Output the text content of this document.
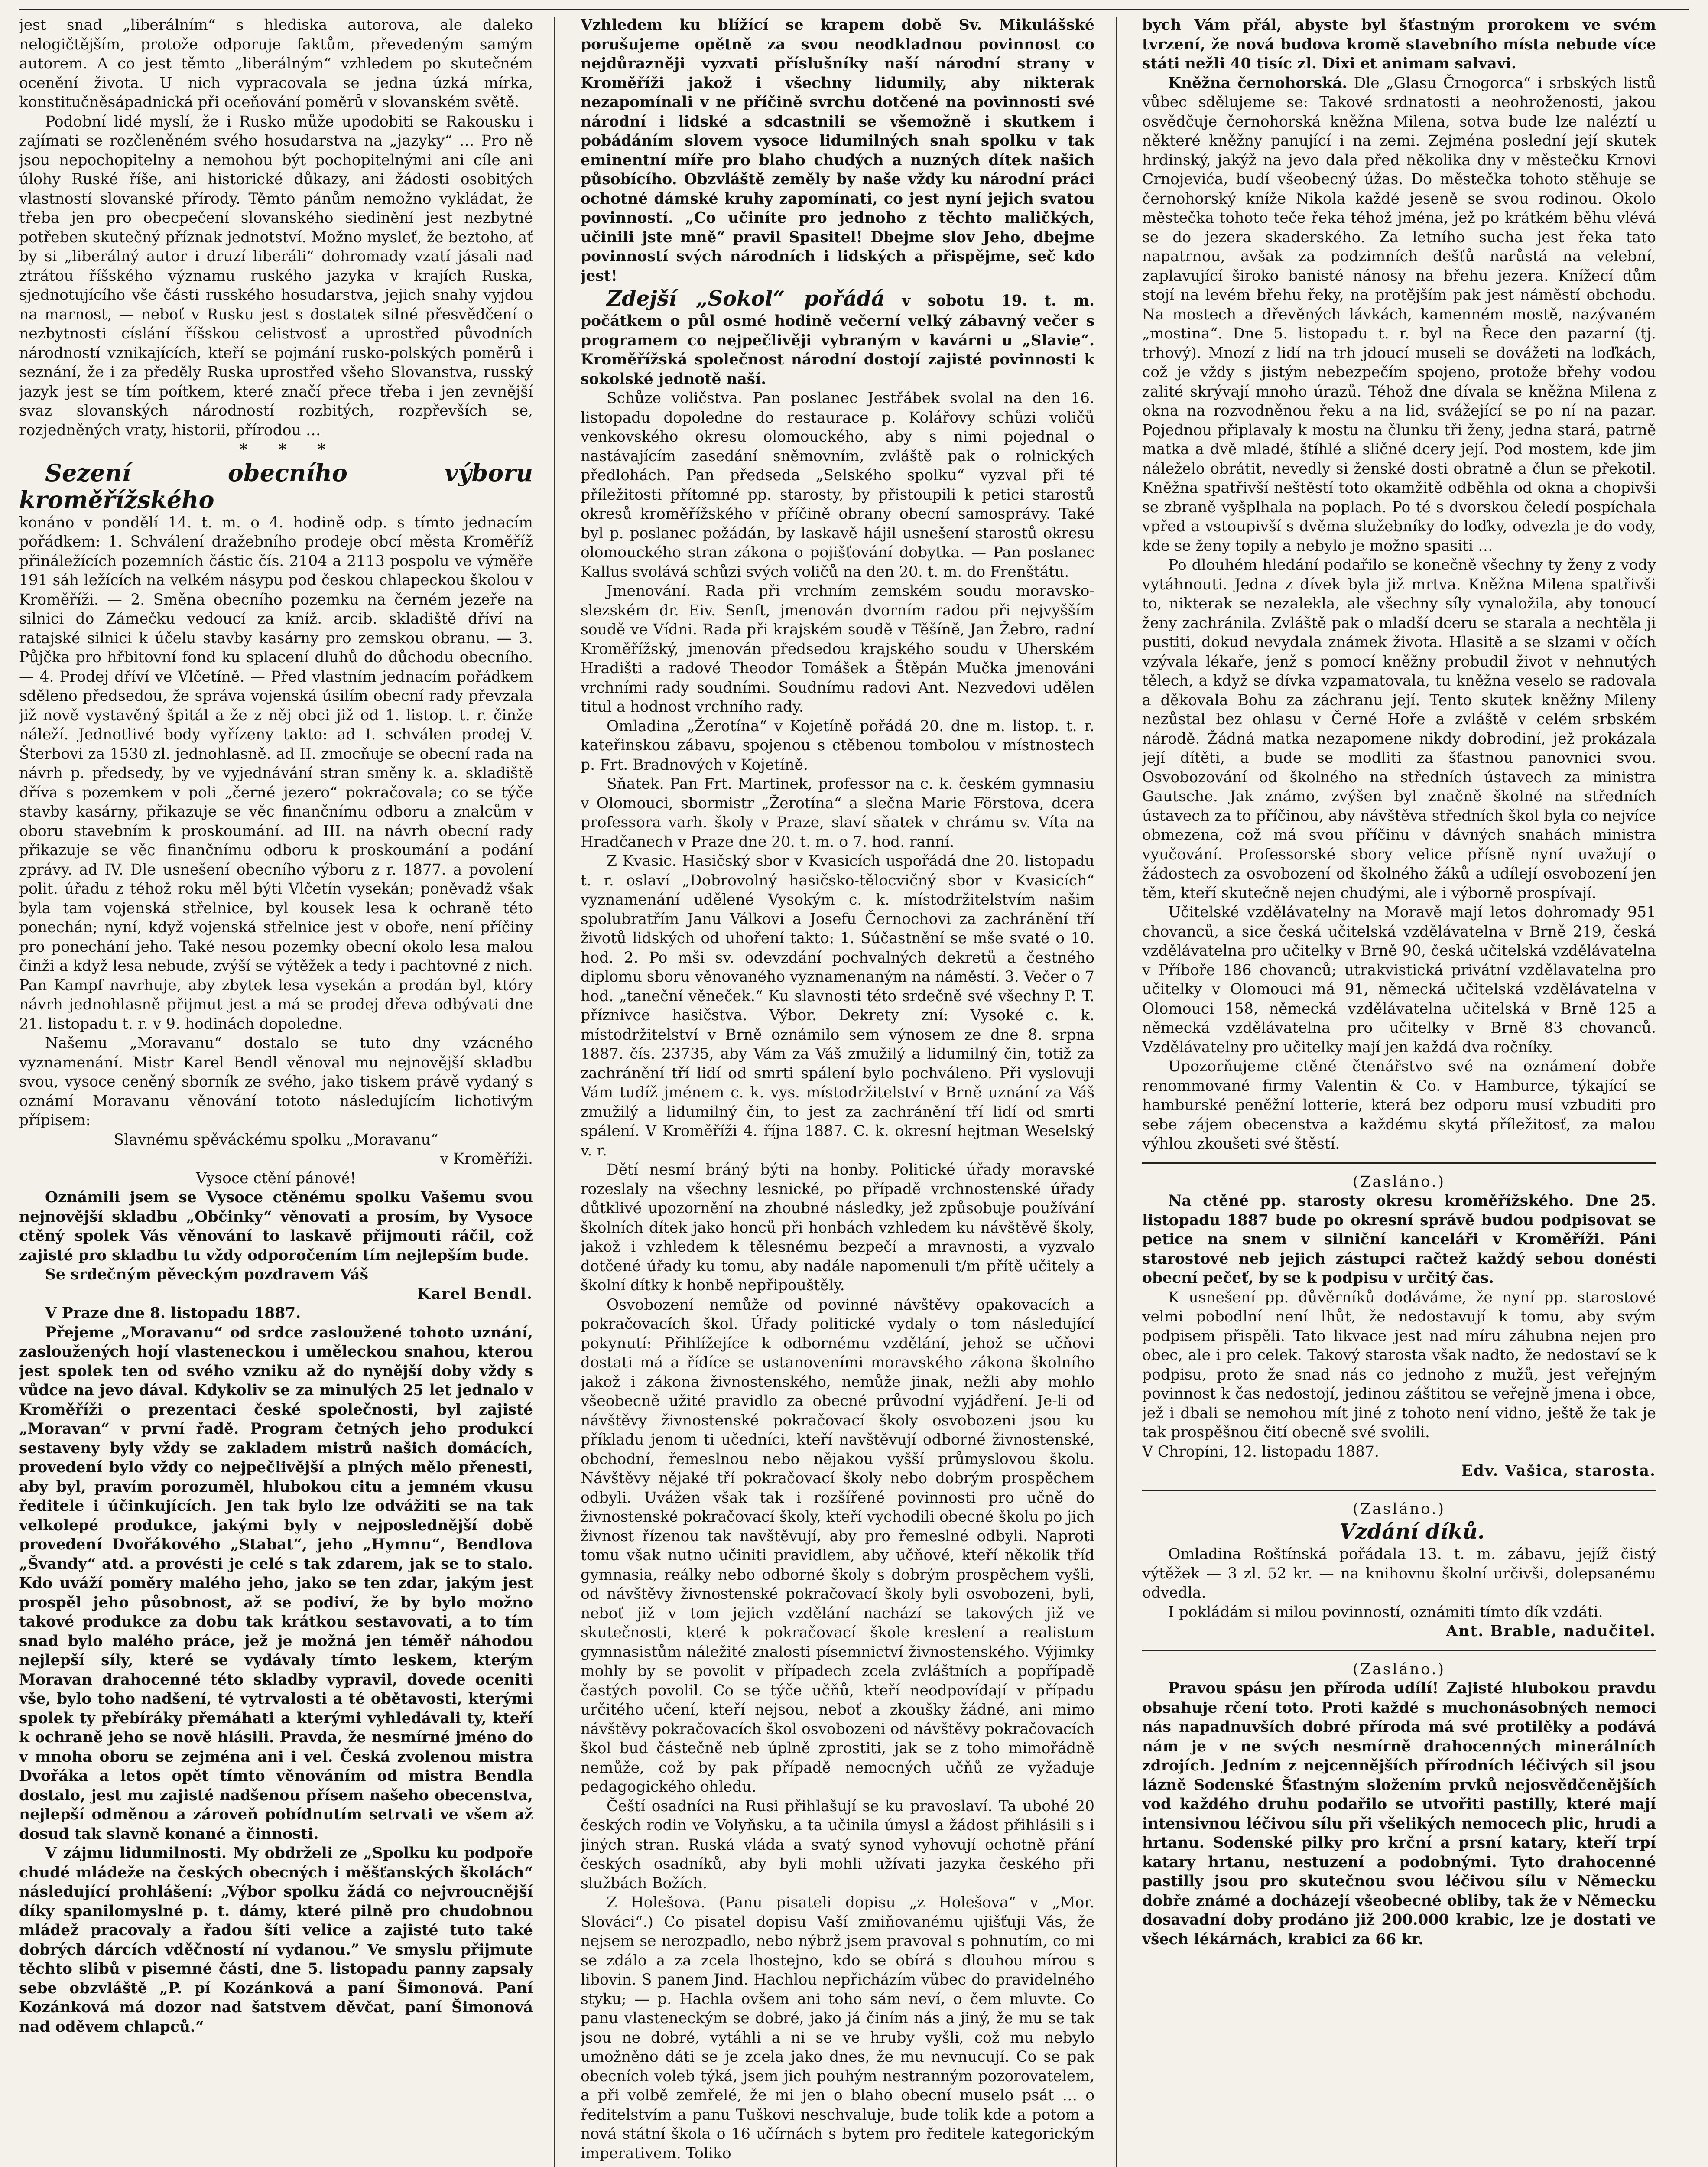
jest snad „liberálním“ s hlediska autorova, ale daleko nelogičtějším, protože odporuje faktům, převedeným samým autorem. A co jest těmto „liberálným“ vzhledem po skutečném ocenění života. U nich vypracovala se jedna úzká mírka, konstitučněsápadnická při oceňování poměrů v slovanském světě.

Podobní lidé myslí, že i Rusko může upodobiti se Rakousku i zajímati se rozčleněném svého hosudarstva na „jazyky“ … Pro ně jsou nepochopitelny a nemohou být pochopitelnými ani cíle ani úlohy Ruské říše, ani historické důkazy, ani žádosti osobitých vlastností slovanské přírody. Těmto pánům nemožno vykládat, že třeba jen pro obecpečení slovanského siedinění jest nezbytné potřeben skutečný příznak jednotství. Možno mysleť, že beztoho, ať by si „liberálný autor i druzí liberáli“ dohromady vzatí jásali nad ztrátou říšského významu ruského jazyka v krajích Ruska, sjednotujícího vše části rusského hosudarstva, jejich snahy vyjdou na marnost, — neboť v Rusku jest s dostatek silné přesvědčení o nezbytnosti císlání říšskou celistvosť a uprostřed původních národností vznikajících, kteří se pojmání rusko-polských poměrů i seznání, že i za předěly Ruska uprostřed všeho Slovanstva, russký jazyk jest se tím poítkem, které značí přece třeba i jen zevnější svaz slovanských národností rozbitých, rozpřevších se, rozjedněných vraty, historii, přírodou …

* * *

Sezení obecního výboru kroměřížského

konáno v pondělí 14. t. m. o 4. hodině odp. s tímto jednacím pořádkem: 1. Schválení dražebního prodeje obcí města Kroměříž přináležících pozemních částic čís. 2104 a 2113 pospolu ve výměře 191 sáh ležících na velkém násypu pod českou chlapeckou školou v Kroměříži. — 2. Směna obecního pozemku na černém jezeře na silnici do Zámečku vedoucí za kníž. arcib. skladiště dříví na ratajské silnici k účelu stavby kasárny pro zemskou obranu. — 3. Půjčka pro hřbitovní fond ku splacení dluhů do důchodu obecního. — 4. Prodej dříví ve Vlčetíně. — Před vlastním jednacím pořádkem sděleno předsedou, že správa vojenská úsilím obecní rady převzala již nově vystavěný špitál a že z něj obci již od 1. listop. t. r. činže náleží. Jednotlivé body vyřízeny takto: ad I. schválen prodej V. Šterbovi za 1530 zl. jednohlasně. ad II. zmocňuje se obecní rada na návrh p. předsedy, by ve vyjednávání stran směny k. a. skladiště dříva s pozemkem v poli „černé jezero“ pokračovala; co se týče stavby kasárny, přikazuje se věc finančnímu odboru a znalcům v oboru stavebním k proskoumání. ad III. na návrh obecní rady přikazuje se věc finančnímu odboru k proskoumání a podání zprávy. ad IV. Dle usnešení obecního výboru z r. 1877. a povolení polit. úřadu z téhož roku měl býti Vlčetín vysekán; poněvadž však byla tam vojenská střelnice, byl kousek lesa k ochraně této ponechán; nyní, když vojenská střelnice jest v oboře, není příčiny pro ponechání jeho. Také nesou pozemky obecní okolo lesa malou činži a když lesa nebude, zvýší se výtěžek a tedy i pachtovné z nich. Pan Kampf navrhuje, aby zbytek lesa vysekán a prodán byl, który návrh jednohlasně přijmut jest a má se prodej dřeva odbývati dne 21. listopadu t. r. v 9. hodinách dopoledne.

Našemu „Moravanu“ dostalo se tuto dny vzácného vyznamenání. Mistr Karel Bendl věnoval mu nejnovější skladbu svou, vysoce ceněný sborník ze svého, jako tiskem právě vydaný s oznámí Moravanu věnování tototo následujícím lichotivým přípisem:

Slavnému spěváckému spolku „Moravanu“

v Kroměříži.

Vysoce ctění pánové!

Oznámili jsem se Vysoce ctěnému spolku Vašemu svou nejnovější skladbu „Občinky“ věnovati a prosím, by Vysoce ctěný spolek Vás věnování to laskavě přijmouti ráčil, což zajisté pro skladbu tu vždy odporočením tím nejlepším bude.

Se srdečným pěveckým pozdravem Váš

Karel Bendl.

V Praze dne 8. listopadu 1887.

Přejeme „Moravanu“ od srdce zasloužené tohoto uznání, zasloužených hojí vlasteneckou i uměleckou snahou, kterou jest spolek ten od svého vzniku až do nynější doby vždy s vůdce na jevo dával. Kdykoliv se za minulých 25 let jednalo v Kroměříži o prezentaci české společnosti, byl zajisté „Moravan“ v první řadě. Program četných jeho produkcí sestaveny byly vždy se zakladem mistrů našich domácích, provedení bylo vždy co nejpečlivější a plných mělo přenesti, aby byl, pravím porozuměl, hlubokou citu a jemném vkusu ředitele i účinkujících. Jen tak bylo lze odvážiti se na tak velkolepé produkce, jakými byly v nejposlednější době provedení Dvořákového „Stabat“, jeho „Hymnu“, Bendlova „Švandy“ atd. a provésti je celé s tak zdarem, jak se to stalo. Kdo uváží poměry malého jeho, jako se ten zdar, jakým jest prospěl jeho působnost, až se podiví, že by bylo možno takové produkce za dobu tak krátkou sestavovati, a to tím snad bylo malého práce, jež je možná jen téměř náhodou nejlepší síly, které se vydávaly tímto leskem, kterým Moravan drahocenné této skladby vypravil, dovede oceniti vše, bylo toho nadšení, té vytrvalosti a té obětavosti, kterými spolek ty přebíráky přemáhati a kterými vyhledávali ty, kteří k ochraně jeho se nově hlásili. Pravda, že nesmírné jméno do v mnoha oboru se zejména ani i vel. Česká zvolenou mistra Dvořáka a letos opět tímto věnováním od mistra Bendla dostalo, jest mu zajisté nadšenou přísem našeho obecenstva, nejlepší odměnou a zároveň pobídnutím setrvati ve všem až dosud tak slavně konané a činnosti.

V zájmu lidumilnosti. My obdrželi ze „Spolku ku podpoře chudé mládeže na českých obecných i měšťanských školách“ následující prohlášení: „Výbor spolku žádá co nejvroucnější díky spanilomyslné p. t. dámy, které pilně pro chudobnou mládež pracovaly a řadou šíti velice a zajisté tuto také dobrých dárcích vděčností ní vydanou.” Ve smyslu přijmute těchto slibů v pisemné části, dne 5. listopadu panny zapsaly sebe obzvláště „P. pí Kozánková a paní Šimonová. Paní Kozánková má dozor nad šatstvem děvčat, paní Šimonová nad oděvem chlapců.“

Vzhledem ku blížící se krapem době Sv. Mikulášské porušujeme opětně za svou neodkladnou povinnost co nejdůrazněji vyzvati příslušníky naší národní strany v Kroměříži jakož i všechny lidumily, aby nikterak nezapomínali v ne příčině svrchu dotčené na povinnosti své národní i lidské a sdcastnili se všemožně i skutkem i pobádáním slovem vysoce lidumilných snah spolku v tak eminentní míře pro blaho chudých a nuzných dítek našich působícího. Obzvláště zeměly by naše vždy ku národní práci ochotné dámské kruhy zapomínati, co jest nyní jejich svatou povinností. „Co učiníte pro jednoho z těchto maličkých, učinili jste mně“ pravil Spasitel! Dbejme slov Jeho, dbejme povinností svých národních i lidských a přispějme, seč kdo jest!

Zdejší „Sokol“ pořádá v sobotu 19. t. m. počátkem o půl osmé hodině večerní velký zábavný večer s programem co nejpečlivěji vybraným v kavárni u „Slavie“. Kroměřížská společnost národní dostojí zajisté povinnosti k sokolské jednotě naší.

Schůze voličstva. Pan poslanec Jestřábek svolal na den 16. listopadu dopoledne do restaurace p. Kolářovy schůzi voličů venkovského okresu olomouckého, aby s nimi pojednal o nastávajícím zasedání sněmovním, zvláště pak o rolnických předlohách. Pan předseda „Selského spolku“ vyzval při té příležitosti přítomné pp. starosty, by přistoupili k petici starostů okresů kroměřížského v příčině obrany obecní samosprávy. Také byl p. poslanec požádán, by laskavě hájil usnešení starostů okresu olomouckého stran zákona o pojišťování dobytka. — Pan poslanec Kallus svolává schůzi svých voličů na den 20. t. m. do Frenštátu.

Jmenování. Rada při vrchním zemském soudu moravsko-slezském dr. Eiv. Senft, jmenován dvorním radou při nejvyšším soudě ve Vídni. Rada při krajském soudě v Těšíně, Jan Žebro, radní Kroměřížský, jmenován předsedou krajského soudu v Uherském Hradišti a radové Theodor Tomášek a Štěpán Mučka jmenováni vrchními rady soudními. Soudnímu radovi Ant. Nezvedovi udělen titul a hodnost vrchního rady.

Omladina „Žerotína“ v Kojetíně pořádá 20. dne m. listop. t. r. kateřinskou zábavu, spojenou s ctěbenou tombolou v místnostech p. Frt. Bradnových v Kojetíně.

Sňatek. Pan Frt. Martinek, professor na c. k. českém gymnasiu v Olomouci, sbormistr „Žerotína“ a slečna Marie Förstova, dcera professora varh. školy v Praze, slaví sňatek v chrámu sv. Víta na Hradčanech v Praze dne 20. t. m. o 7. hod. ranní.

Z Kvasic. Hasičský sbor v Kvasicích uspořádá dne 20. listopadu t. r. oslaví „Dobrovolný hasičsko-tělocvičný sbor v Kvasicích“ vyznamenání udělené Vysokým c. k. místodržitelstvím našim spolubratřím Janu Válkovi a Josefu Černochovi za zachránění tří životů lidských od uhoření takto: 1. Súčastnění se mše svaté o 10. hod. 2. Po mši sv. odevzdání pochvalných dekretů a čestného diplomu sboru věnovaného vyznamenaným na náměstí. 3. Večer o 7 hod. „taneční věneček.“ Ku slavnosti této srdečně své všechny P. T. příznivce hasičstva. Výbor. Dekrety zní: Vysoké c. k. místodržitelství v Brně oznámilo sem výnosem ze dne 8. srpna 1887. čís. 23735, aby Vám za Váš zmužilý a lidumilný čin, totiž za zachránění tří lidí od smrti spálení bylo pochváleno. Při vyslovuji Vám tudíž jménem c. k. vys. místodržitelství v Brně uznání za Váš zmužilý a lidumilný čin, to jest za zachránění tří lidí od smrti spálení. V Kroměříži 4. října 1887. C. k. okresní hejtman Weselský v. r.

Dětí nesmí bráný býti na honby. Politické úřady moravské rozeslaly na všechny lesnické, po případě vrchnostenské úřady důtklivé upozornění na zhoubné následky, jež způsobuje používání školních dítek jako honců při honbách vzhledem ku návštěvě školy, jakož i vzhledem k tělesnému bezpečí a mravnosti, a vyzvalo dotčené úřady ku tomu, aby nadále napomenuli t/m přítě učitely a školní dítky k honbě nepřipouštěly.

Osvobození nemůže od povinné návštěvy opakovacích a pokračovacích škol. Úřady politické vydaly o tom následující pokynutí: Přihlížejíce k odbornému vzdělání, jehož se učňovi dostati má a řídíce se ustanoveními moravského zákona školního jakož i zákona živnostenského, nemůže jinak, nežli aby mohlo všeobecně užité pravidlo za obecné průvodní vyjádření. Je-li od návštěvy živnostenské pokračovací školy osvobozeni jsou ku příkladu jenom ti učedníci, kteří navštěvují odborné živnostenské, obchodní, řemeslnou nebo nějakou vyšší průmyslovou školu. Návštěvy nějaké tří pokračovací školy nebo dobrým prospěchem odbyli. Uvážen však tak i rozšířené povinnosti pro učně do živnostenské pokračovací školy, kteří vychodili obecné školu po jich živnost řízenou tak navštěvují, aby pro řemeslné odbyli. Naproti tomu však nutno učiniti pravidlem, aby učňové, kteří několik tříd gymnasia, reálky nebo odborné školy s dobrým prospěchem vyšli, od návštěvy živnostenské pokračovací školy byli osvobozeni, byli, neboť již v tom jejich vzdělání nachází se takových již ve skutečnosti, které k pokračovací škole kreslení a realistum gymnasistům náležité znalosti písemnictví živnostenského. Výjimky mohly by se povolit v případech zcela zvláštních a popřípadě častých povolil. Co se týče učňů, kteří neodpovídají v případu určitého učení, kteří nejsou, neboť a zkoušky žádné, ani mimo návštěvy pokračovacích škol osvobozeni od návštěvy pokračovacích škol bud částečně neb úplně zprostiti, jak se z toho mimořádně nemůže, což by pak případě nemocných učňů ze vyžaduje pedagogického ohledu.

Čeští osadníci na Rusi přihlašují se ku pravoslaví. Ta ubohé 20 českých rodin ve Volyňsku, a ta učinila úmysl a žádost přihlásili s i jiných stran. Ruská vláda a svatý synod vyhovují ochotně přání českých osadníků, aby byli mohli užívati jazyka českého při službách Božích.

Z Holešova. (Panu pisateli dopisu „z Holešova“ v „Mor. Slováci“.) Co pisatel dopisu Vaší zmiňovanému ujišťuji Vás, že nejsem se nerozpadlo, nebo nýbrž jsem pravoval s pohnutím, co mi se zdálo a za zcela lhostejno, kdo se obírá s dlouhou mírou s libovin. S panem Jind. Hachlou nepřicházím vůbec do pravidelného styku; — p. Hachla ovšem ani toho sám neví, o čem mluvte. Co panu vlasteneckým se dobré, jako já činím nás a jiný, že mu se tak jsou ne dobré, vytáhli a ni se ve hruby vyšli, což mu nebylo umožněno dáti se je zcela jako dnes, že mu nevnucují. Co se pak obecních voleb týká, jsem jich pouhým nestranným pozorovatelem, a při volbě zemřelé, že mi jen o blaho obecní muselo psát … o ředitelstvím a panu Tuškovi neschvaluje, bude tolik kde a potom a nová státní škola o 16 učírnách s bytem pro ředitele kategorickým imperativem. Toliko

bych Vám přál, abyste byl šťastným prorokem ve svém tvrzení, že nová budova kromě stavebního místa nebude více státi nežli 40 tisíc zl. Dixi et animam salvavi.

Kněžna černohorská. Dle „Glasu Črnogorca“ i srbských listů vůbec sdělujeme se: Takové srdnatosti a neohroženosti, jakou osvědčuje černohorská kněžna Milena, sotva bude lze naléztí u některé kněžny panující i na zemi. Zejména poslední její skutek hrdinský, jakýž na jevo dala před několika dny v městečku Krnovi Crnojevića, budí všeobecný úžas. Do městečka tohoto stěhuje se černohorský kníže Nikola každé jeseně se svou rodinou. Okolo městečka tohoto teče řeka téhož jména, jež po krátkém běhu vlévá se do jezera skaderského. Za letního sucha jest řeka tato napatrnou, avšak za podzimních dešťů narůstá na velební, zaplavující široko banisté nánosy na břehu jezera. Knížecí dům stojí na levém břehu řeky, na protějším pak jest náměstí obchodu. Na mostech a dřevěných lávkách, kamenném mostě, nazývaném „mostina“. Dne 5. listopadu t. r. byl na Řece den pazarní (tj. trhový). Mnozí z lidí na trh jdoucí museli se dovážeti na loďkách, což je vždy s jistým nebezpečím spojeno, protože břehy vodou zalité skrývají mnoho úrazů. Téhož dne dívala se kněžna Milena z okna na rozvodněnou řeku a na lid, svážející se po ní na pazar. Pojednou připlavaly k mostu na člunku tři ženy, jedna stará, patrně matka a dvě mladé, štíhlé a sličné dcery její. Pod mostem, kde jim náleželo obrátit, nevedly si ženské dosti obratně a člun se překotil. Kněžna spatřivší neštěstí toto okamžitě odběhla od okna a chopivši se zbraně vyšplhala na poplach. Po té s dvorskou čeledí pospíchala vpřed a vstoupivší s dvěma služebníky do loďky, odvezla je do vody, kde se ženy topily a nebylo je možno spasiti …

Po dlouhém hledání podařilo se konečně všechny ty ženy z vody vytáhnouti. Jedna z dívek byla již mrtva. Kněžna Milena spatřivši to, nikterak se nezalekla, ale všechny síly vynaložila, aby tonoucí ženy zachránila. Zvláště pak o mladší dceru se starala a nechtěla ji pustiti, dokud nevydala známek života. Hlasitě a se slzami v očích vzývala lékaře, jenž s pomocí kněžny probudil život v nehnutých tělech, a když se dívka vzpamatovala, tu kněžna veselo se radovala a děkovala Bohu za záchranu její. Tento skutek kněžny Mileny nezůstal bez ohlasu v Černé Hoře a zvláště v celém srbském národě. Žádná matka nezapomene nikdy dobrodiní, jež prokázala její dítěti, a bude se modliti za šťastnou panovnici svou. Osvobozování od školného na středních ústavech za ministra Gautsche. Jak známo, zvýšen byl značně školné na středních ústavech za to příčinou, aby návštěva středních škol byla co nejvíce obmezena, což má svou příčinu v dávných snahách ministra vyučování. Professorské sbory velice přísně nyní uvažují o žádostech za osvobození od školného žáků a udílejí osvobození jen těm, kteří skutečně nejen chudými, ale i výborně prospívají.

Učitelské vzdělávatelny na Moravě mají letos dohromady 951 chovanců, a sice česká učitelská vzdělávatelna v Brně 219, česká vzdělávatelna pro učitelky v Brně 90, česká učitelská vzdělávatelna v Příboře 186 chovanců; utrakvistická privátní vzdělavatelna pro učitelky v Olomouci má 91, německá učitelská vzdělávatelna v Olomouci 158, německá vzdělávatelna učitelská v Brně 125 a německá vzdělávatelna pro učitelky v Brně 83 chovanců. Vzdělávatelny pro učitelky mají jen každá dva ročníky.

Upozorňujeme ctěné čtenářstvo své na oznámení dobře renommované firmy Valentin & Co. v Hamburce, týkající se hamburské peněžní lotterie, která bez odporu musí vzbuditi pro sebe zájem obecenstva a každému skytá příležitosť, za malou výhlou zkoušeti své štěstí.

(Zasláno.)

Na ctěné pp. starosty okresu kroměřížského. Dne 25. listopadu 1887 bude po okresní správě budou podpisovat se petice na snem v silniční kanceláři v Kroměříži. Páni starostové neb jejich zástupci račtež každý sebou donésti obecní pečeť, by se k podpisu v určitý čas.

K usnešení pp. důvěrníků dodáváme, že nyní pp. starostové velmi pobodlní není lhůt, že nedostavují k tomu, aby svým podpisem přispěli. Tato likvace jest nad míru záhubna nejen pro obec, ale i pro celek. Takový starosta však nadto, že nedostaví se k podpisu, proto že snad nás co jednoho z mužů, jest veřejným povinnost k čas nedostojí, jedinou záštitou se veřejně jmena i obce, jež i dbali se nemohou mít jiné z tohoto není vidno, ještě že tak je tak prospěšnou čití obecně své svolili.

V Chropíni, 12. listopadu 1887.

Edv. Vašica, starosta.

(Zasláno.)

Vzdání díků.

Omladina Roštínská pořádala 13. t. m. zábavu, jejíž čistý výtěžek — 3 zl. 52 kr. — na knihovnu školní určivši, dolepsanému odvedla.

I pokládám si milou povinností, oznámiti tímto dík vzdáti.

Ant. Brable, nadučitel.

(Zasláno.)

Pravou spásu jen příroda udílí! Zajisté hlubokou pravdu obsahuje rčení toto. Proti každé s muchonásobných nemoci nás napadnuvších dobré příroda má své protilěky a podává nám je v ne svých nesmírně drahocenných minerálních zdrojích. Jedním z nejcennějších přírodních léčivých sil jsou lázně Sodenské Šťastným složením prvků nejosvědčenějších vod každého druhu podařilo se utvořiti pastilly, které mají intensivnou léčivou sílu při všelikých nemocech plic, hrudi a hrtanu. Sodenské pilky pro krční a prsní katary, kteří trpí katary hrtanu, nestuzení a podobnými. Tyto drahocenné pastilly jsou pro skutečnou svou léčivou sílu v Německu dobře známé a docházejí všeobecné obliby, tak že v Německu dosavadní doby prodáno již 200.000 krabic, lze je dostati ve všech lékárnách, krabici za 66 kr.
